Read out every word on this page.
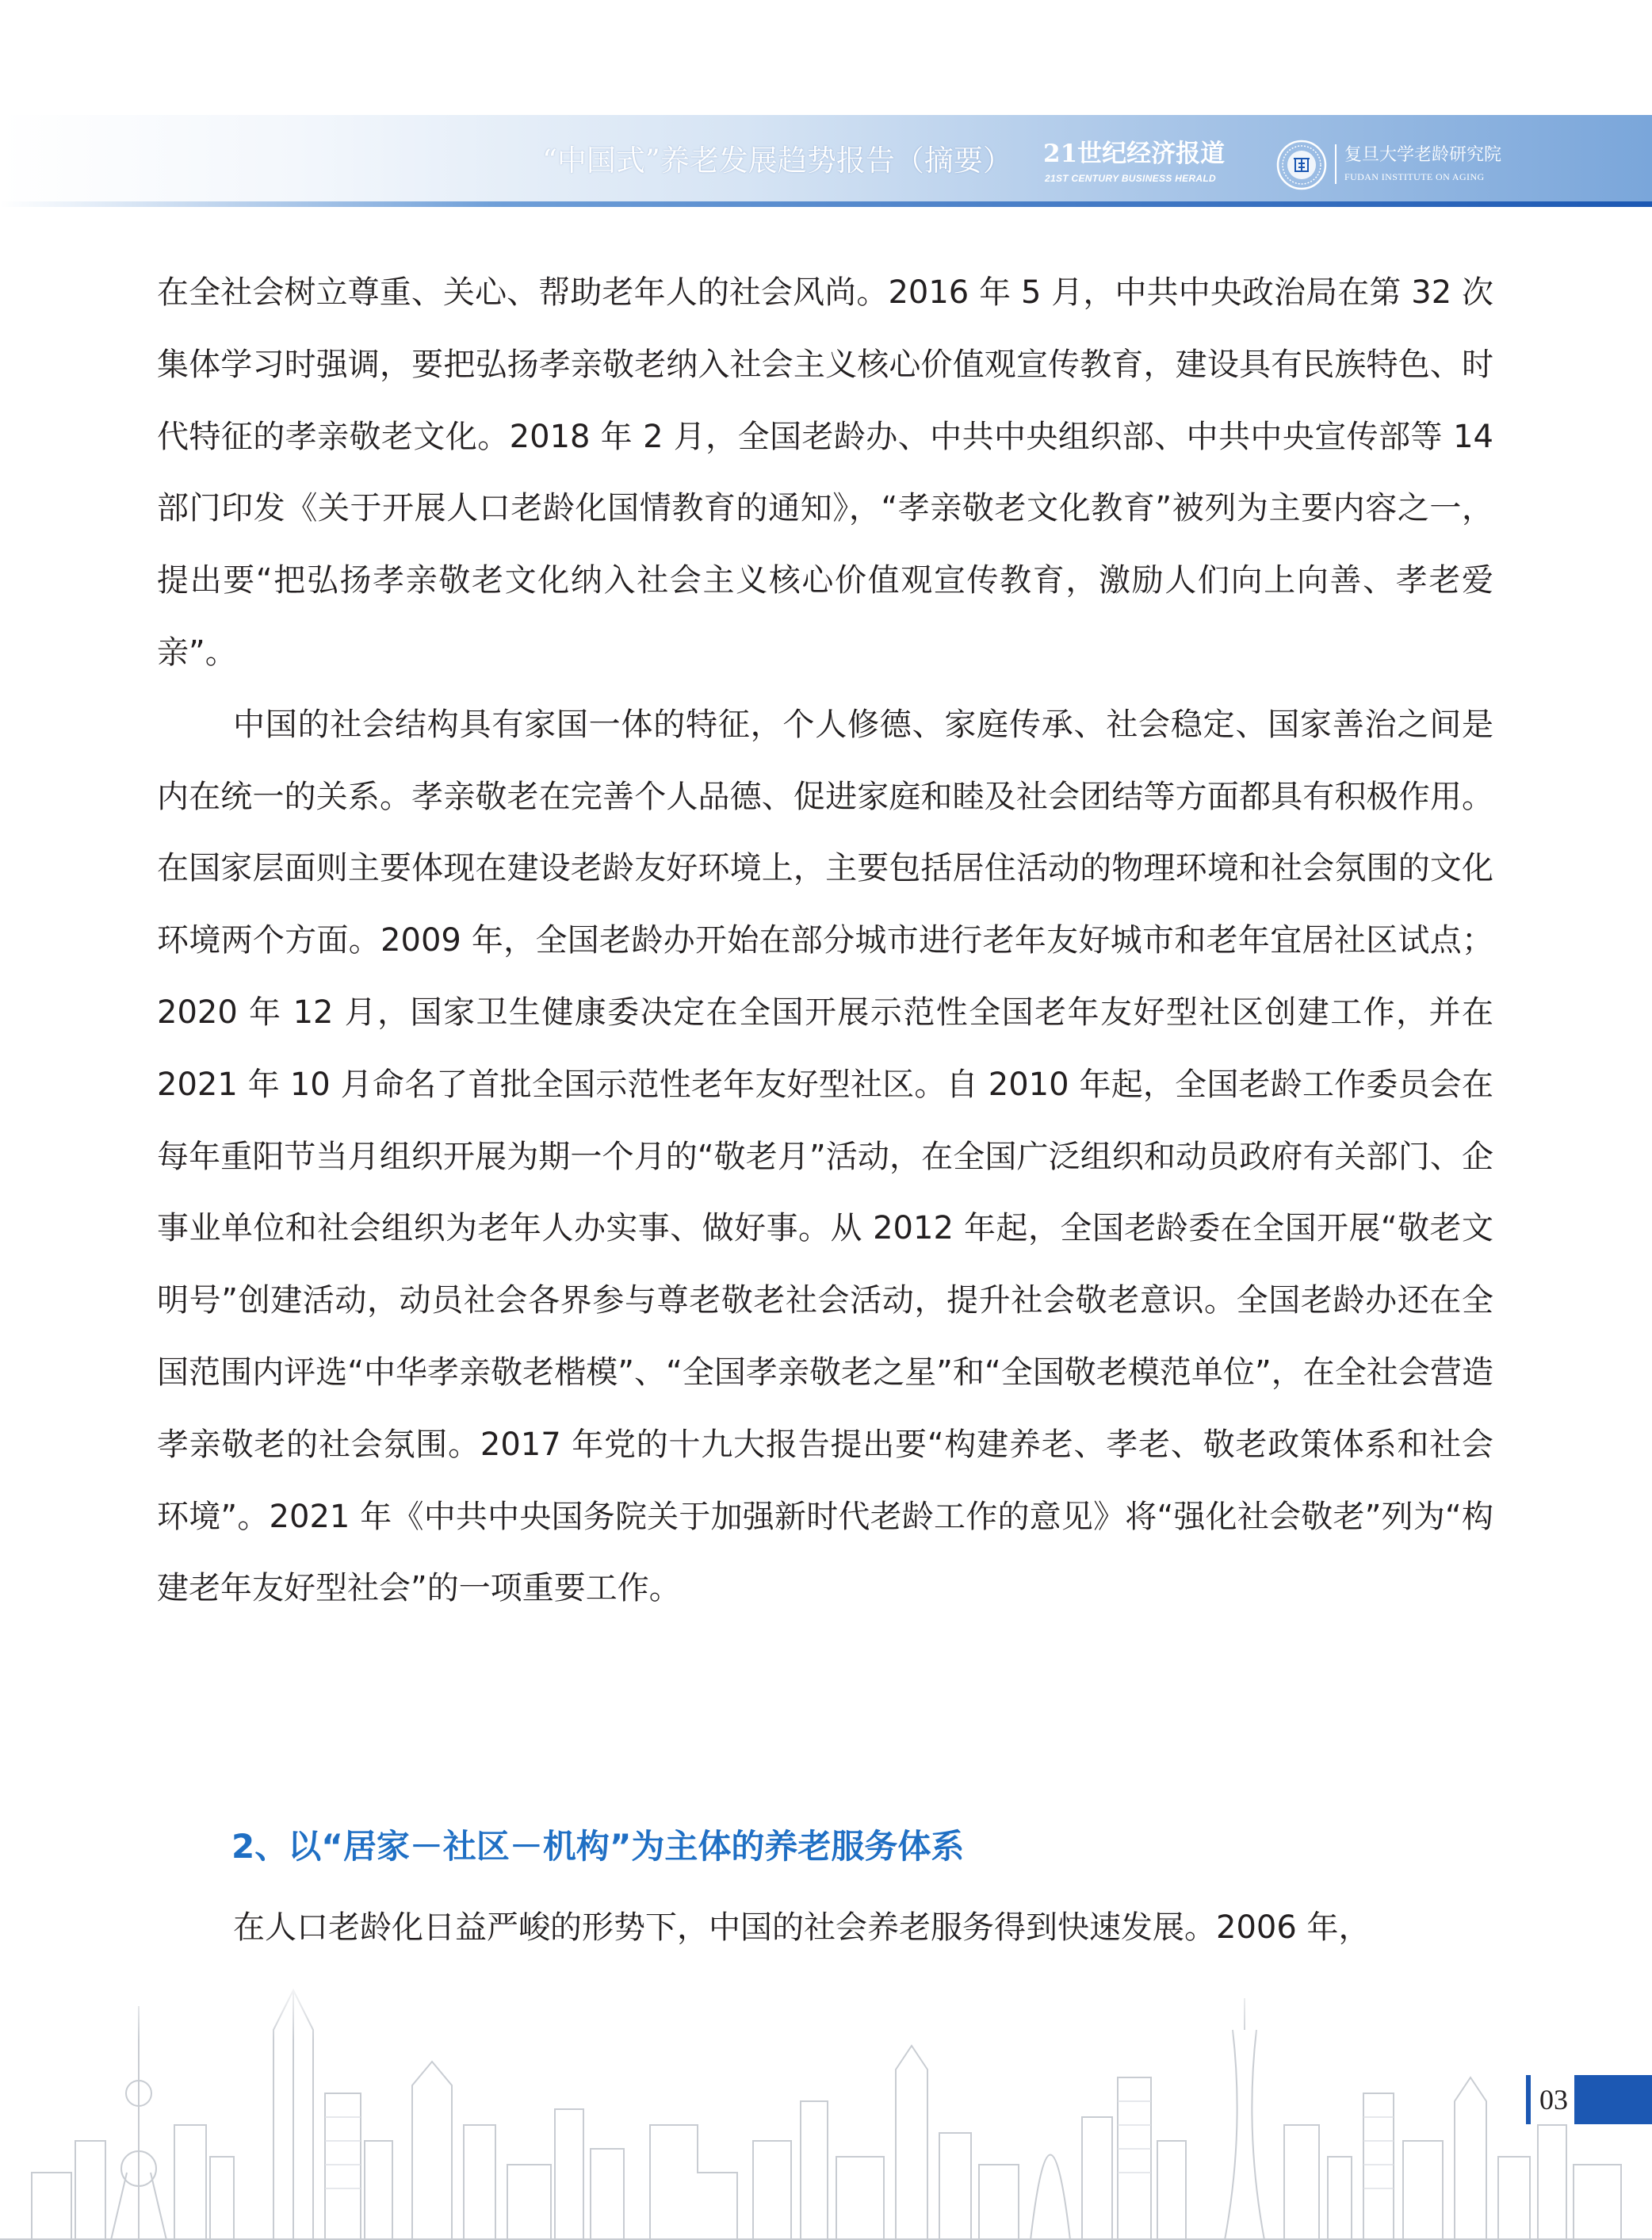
“中国式”养老发展趋势报告（摘要）	21世纪经济报道
21ST CENTURY BUSINESS HERALD
复旦大学老龄研究院
FUDAN INSTITUTE ON AGING

在全社会树立尊重、关心、帮助老年人的社会风尚。2016 年 5 月，中共中央政治局在第 32 次集体学习时强调，要把弘扬孝亲敬老纳入社会主义核心价值观宣传教育，建设具有民族特色、时代特征的孝亲敬老文化。2018 年 2 月，全国老龄办、中共中央组织部、中共中央宣传部等 14 部门印发《关于开展人口老龄化国情教育的通知》，“孝亲敬老文化教育”被列为主要内容之一，提出要“把弘扬孝亲敬老文化纳入社会主义核心价值观宣传教育，激励人们向上向善、孝老爱亲”。

中国的社会结构具有家国一体的特征，个人修德、家庭传承、社会稳定、国家善治之间是内在统一的关系。孝亲敬老在完善个人品德、促进家庭和睦及社会团结等方面都具有积极作用。在国家层面则主要体现在建设老龄友好环境上，主要包括居住活动的物理环境和社会氛围的文化环境两个方面。2009 年，全国老龄办开始在部分城市进行老年友好城市和老年宜居社区试点；2020 年 12 月，国家卫生健康委决定在全国开展示范性全国老年友好型社区创建工作，并在 2021 年 10 月命名了首批全国示范性老年友好型社区。自 2010 年起，全国老龄工作委员会在每年重阳节当月组织开展为期一个月的“敬老月”活动，在全国广泛组织和动员政府有关部门、企事业单位和社会组织为老年人办实事、做好事。从 2012 年起，全国老龄委在全国开展“敬老文明号”创建活动，动员社会各界参与尊老敬老社会活动，提升社会敬老意识。全国老龄办还在全国范围内评选“中华孝亲敬老楷模”、“全国孝亲敬老之星”和“全国敬老模范单位”，在全社会营造孝亲敬老的社会氛围。2017 年党的十九大报告提出要“构建养老、孝老、敬老政策体系和社会环境”。2021 年《中共中央国务院关于加强新时代老龄工作的意见》将“强化社会敬老”列为“构建老年友好型社会”的一项重要工作。

2、以“居家－社区－机构”为主体的养老服务体系

在人口老龄化日益严峻的形势下，中国的社会养老服务得到快速发展。2006 年，

03
